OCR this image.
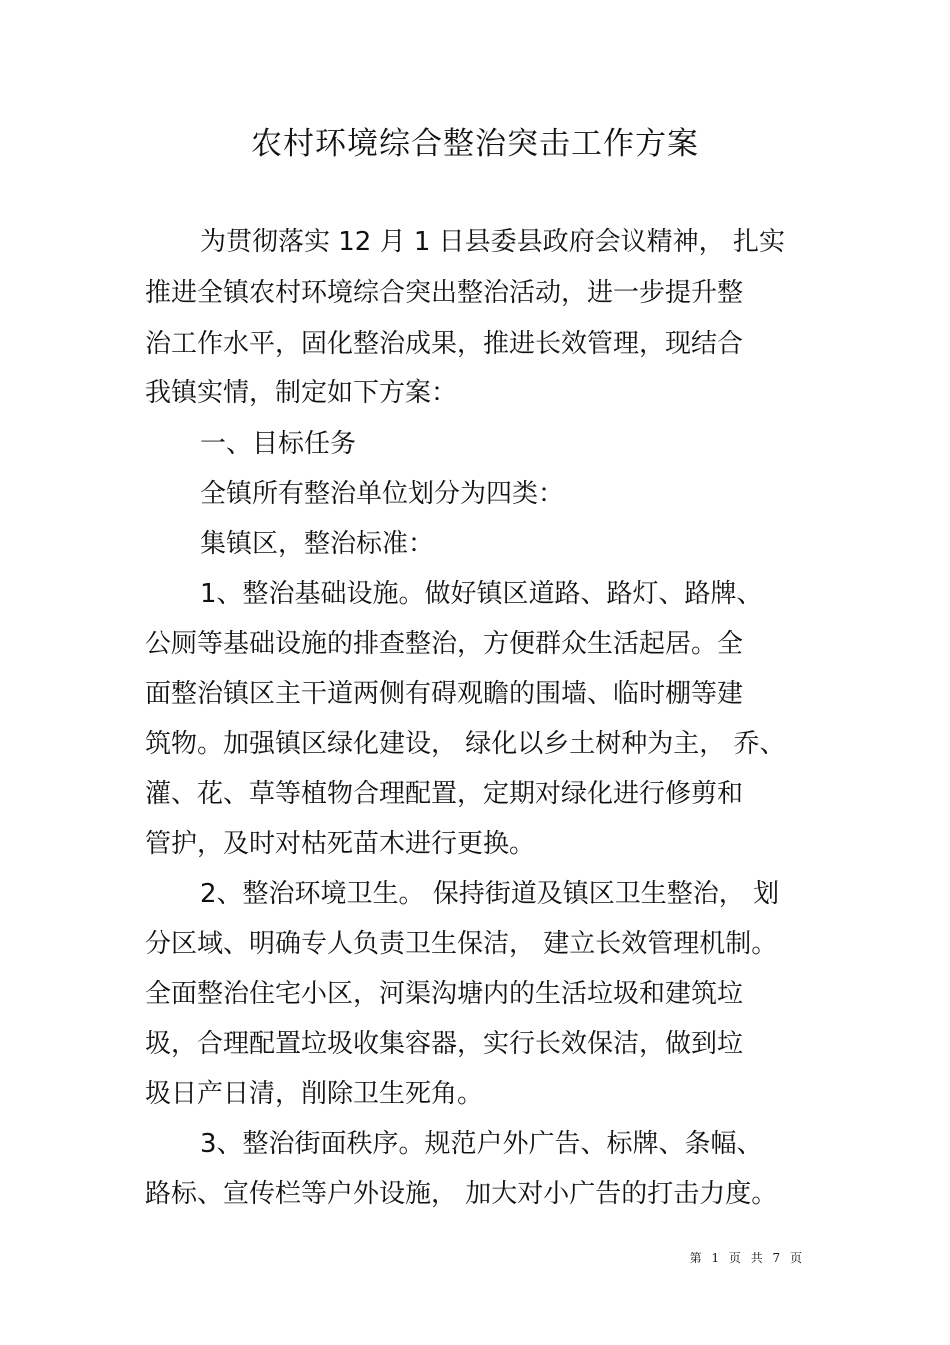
农村环境综合整治突击工作方案
为贯彻落实 12 月 1 日县委县政府会议精神， 扎实
推进全镇农村环境综合突出整治活动，进一步提升整
治工作水平，固化整治成果，推进长效管理，现结合
我镇实情，制定如下方案：
一、目标任务
全镇所有整治单位划分为四类：
集镇区，整治标准：
1、整治基础设施。做好镇区道路、路灯、路牌、
公厕等基础设施的排查整治，方便群众生活起居。全
面整治镇区主干道两侧有碍观瞻的围墙、临时棚等建
筑物。加强镇区绿化建设， 绿化以乡土树种为主， 乔、
灌、花、草等植物合理配置，定期对绿化进行修剪和
管护，及时对枯死苗木进行更换。
2、整治环境卫生。 保持街道及镇区卫生整治， 划
分区域、明确专人负责卫生保洁， 建立长效管理机制。
全面整治住宅小区，河渠沟塘内的生活垃圾和建筑垃
圾，合理配置垃圾收集容器，实行长效保洁，做到垃
圾日产日清，削除卫生死角。
3、整治街面秩序。规范户外广告、标牌、条幅、
路标、宣传栏等户外设施， 加大对小广告的打击力度。
第 1 页 共 7 页
